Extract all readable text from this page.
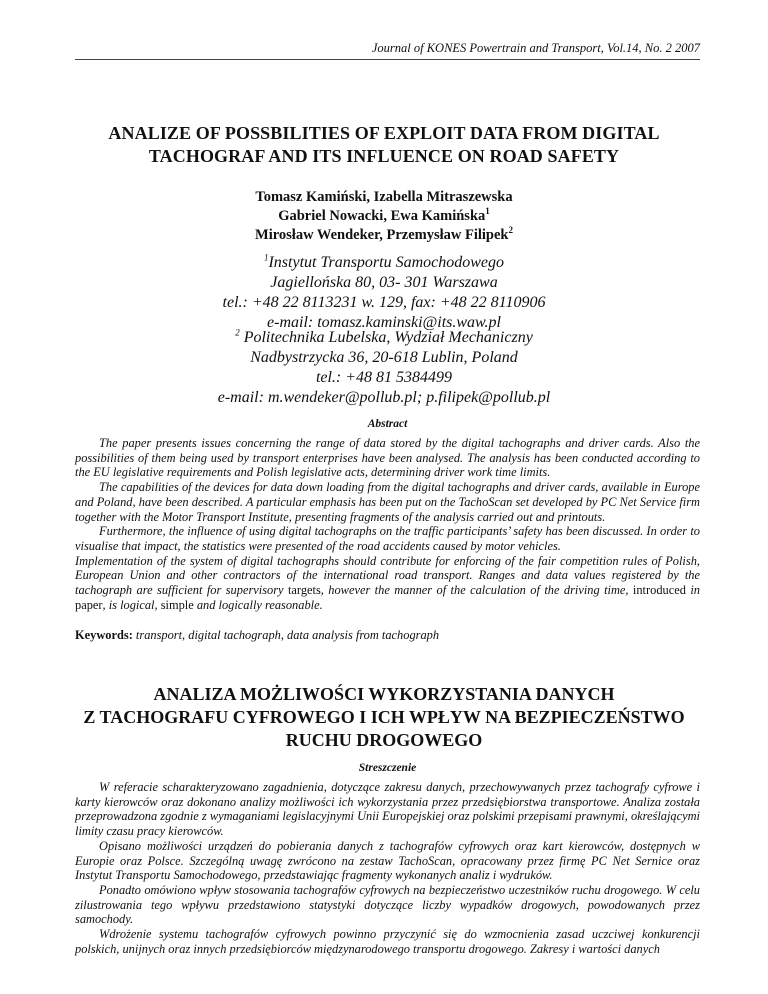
Journal of KONES Powertrain and Transport, Vol.14, No. 2 2007
ANALIZE OF POSSBILITIES OF EXPLOIT DATA FROM DIGITAL
TACHOGRAF AND ITS INFLUENCE ON ROAD SAFETY
Tomasz Kamiński, Izabella Mitraszewska
Gabriel Nowacki, Ewa Kamińska$^1$
Mirosław Wendeker, Przemysław Filipek$^2$
$^1$Instytut Transportu Samochodowego
Jagiellońska 80, 03- 301 Warszawa
tel.: +48 22 8113231 w. 129, fax: +48 22 8110906
e-mail: tomasz.kaminski@its.waw.pl
$^2$ Politechnika Lubelska, Wydział Mechaniczny
Nadbystrzycka 36, 20-618 Lublin, Poland
tel.: +48 81 5384499
e-mail: m.wendeker@pollub.pl; p.filipek@pollub.pl
Abstract

The paper presents issues concerning the range of data stored by the digital tachographs and driver cards. Also the possibilities of them being used by transport enterprises have been analysed. The analysis has been conducted according to the EU legislative requirements and Polish legislative acts, determining driver work time limits.

The capabilities of the devices for data down loading from the digital tachographs and driver cards, available in Europe and Poland, have been described. A particular emphasis has been put on the TachoScan set developed by PC Net Service firm together with the Motor Transport Institute, presenting fragments of the analysis carried out and printouts.

Furthermore, the influence of using digital tachographs on the traffic participants’ safety has been discussed. In order to visualise that impact, the statistics were presented of the road accidents caused by motor vehicles.

Implementation of the system of digital tachographs should contribute for enforcing of the fair competition rules of Polish, European Union and other contractors of the international road transport. Ranges and data values registered by the tachograph are sufficient for supervisory targets, however the manner of the calculation of the driving time, introduced in paper, is logical, simple and logically reasonable.

Keywords: transport, digital tachograph, data analysis from tachograph
ANALIZA MOŻLIWOŚCI WYKORZYSTANIA DANYCH
Z TACHOGRAFU CYFROWEGO I ICH WPŁYW NA BEZPIECZEŃSTWO
RUCHU DROGOWEGO
Streszczenie

W referacie scharakteryzowano zagadnienia, dotyczące zakresu danych, przechowywanych przez tachografy cyfrowe i karty kierowców oraz dokonano analizy możliwości ich wykorzystania przez przedsiębiorstwa transportowe. Analiza została przeprowadzona zgodnie z wymaganiami legislacyjnymi Unii Europejskiej oraz polskimi przepisami prawnymi, określającymi limity czasu pracy kierowców.

Opisano możliwości urządzeń do pobierania danych z tachografów cyfrowych oraz kart kierowców, dostępnych w Europie oraz Polsce. Szczególną uwagę zwrócono na zestaw TachoScan, opracowany przez firmę PC Net Sernice oraz Instytut Transportu Samochodowego, przedstawiając fragmenty wykonanych analiz i wydruków.

Ponadto omówiono wpływ stosowania tachografów cyfrowych na bezpieczeństwo uczestników ruchu drogowego. W celu zilustrowania tego wpływu przedstawiono statystyki dotyczące liczby wypadków drogowych, powodowanych przez samochody.

Wdrożenie systemu tachografów cyfrowych powinno przyczynić się do wzmocnienia zasad uczciwej konkurencji polskich, unijnych oraz innych przedsiębiorców międzynarodowego transportu drogowego. Zakresy i wartości danych
